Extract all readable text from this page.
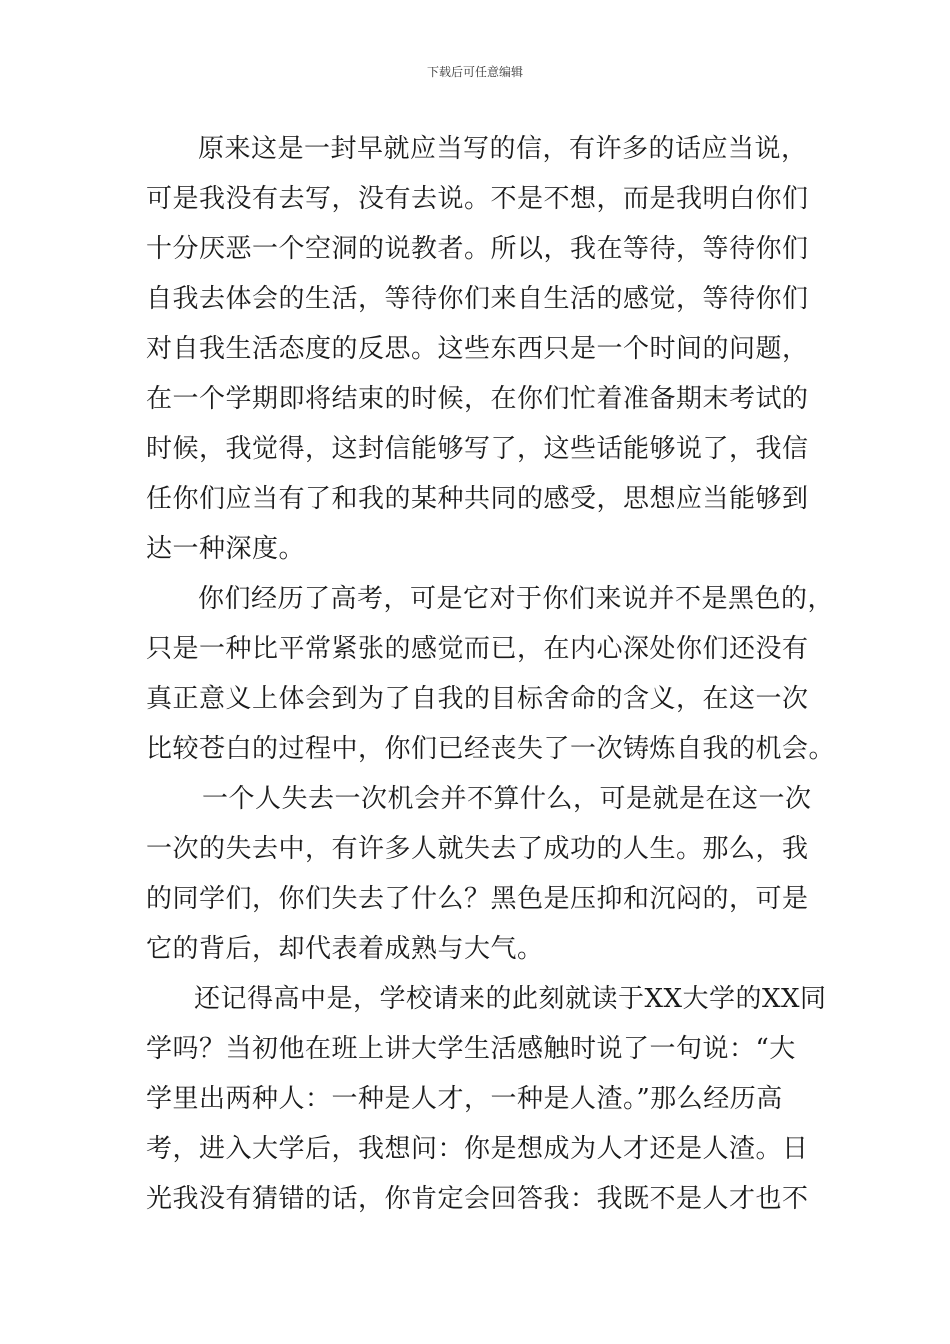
下载后可任意编辑
原来这是一封早就应当写的信，有许多的话应当说，
可是我没有去写，没有去说。不是不想，而是我明白你们
十分厌恶一个空洞的说教者。所以，我在等待，等待你们
自我去体会的生活，等待你们来自生活的感觉，等待你们
对自我生活态度的反思。这些东西只是一个时间的问题，
在一个学期即将结束的时候，在你们忙着准备期末考试的
时候，我觉得，这封信能够写了，这些话能够说了，我信
任你们应当有了和我的某种共同的感受，思想应当能够到
达一种深度。
你们经历了高考，可是它对于你们来说并不是黑色的，
只是一种比平常紧张的感觉而已，在内心深处你们还没有
真正意义上体会到为了自我的目标舍命的含义，在这一次
比较苍白的过程中，你们已经丧失了一次铸炼自我的机会。
一个人失去一次机会并不算什么，可是就是在这一次
一次的失去中，有许多人就失去了成功的人生。那么，我
的同学们，你们失去了什么？黑色是压抑和沉闷的，可是
它的背后，却代表着成熟与大气。
还记得高中是，学校请来的此刻就读于XX大学的XX同
学吗？当初他在班上讲大学生活感触时说了一句说：“大
学里出两种人：一种是人才，一种是人渣。”那么经历高
考，进入大学后，我想问：你是想成为人才还是人渣。日
光我没有猜错的话，你肯定会回答我：我既不是人才也不
